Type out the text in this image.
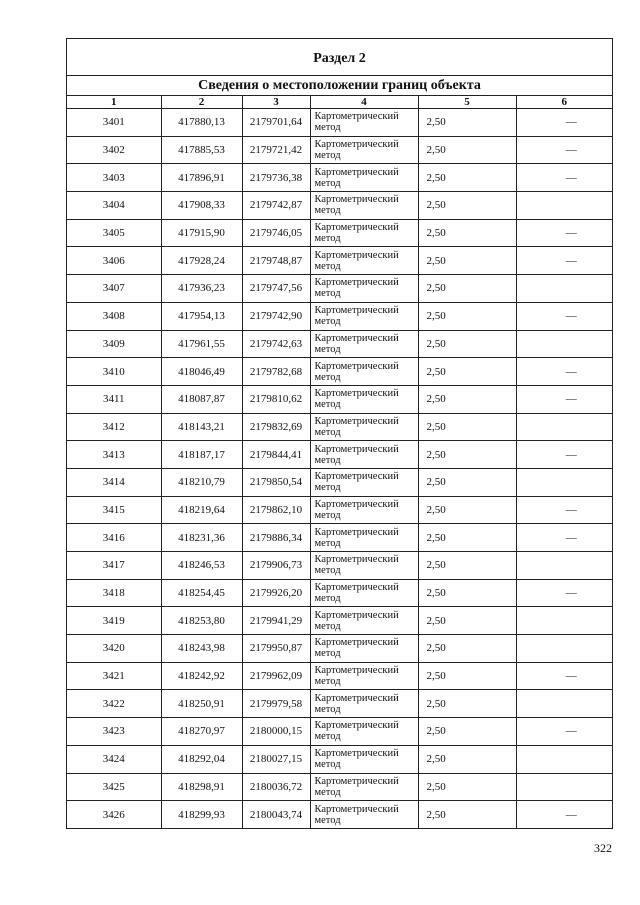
Раздел 2
Сведения о местоположении границ объекта
1	2	3	4	5	6
3401	417880,13	2179701,64	Картометрический метод	2,50	—
3402	417885,53	2179721,42	Картометрический метод	2,50	—
3403	417896,91	2179736,38	Картометрический метод	2,50	—
3404	417908,33	2179742,87	Картометрический метод	2,50	
3405	417915,90	2179746,05	Картометрический метод	2,50	—
3406	417928,24	2179748,87	Картометрический метод	2,50	—
3407	417936,23	2179747,56	Картометрический метод	2,50	
3408	417954,13	2179742,90	Картометрический метод	2,50	—
3409	417961,55	2179742,63	Картометрический метод	2,50	
3410	418046,49	2179782,68	Картометрический метод	2,50	—
3411	418087,87	2179810,62	Картометрический метод	2,50	—
3412	418143,21	2179832,69	Картометрический метод	2,50	
3413	418187,17	2179844,41	Картометрический метод	2,50	—
3414	418210,79	2179850,54	Картометрический метод	2,50	
3415	418219,64	2179862,10	Картометрический метод	2,50	—
3416	418231,36	2179886,34	Картометрический метод	2,50	—
3417	418246,53	2179906,73	Картометрический метод	2,50	
3418	418254,45	2179926,20	Картометрический метод	2,50	—
3419	418253,80	2179941,29	Картометрический метод	2,50	
3420	418243,98	2179950,87	Картометрический метод	2,50	
3421	418242,92	2179962,09	Картометрический метод	2,50	—
3422	418250,91	2179979,58	Картометрический метод	2,50	
3423	418270,97	2180000,15	Картометрический метод	2,50	—
3424	418292,04	2180027,15	Картометрический метод	2,50	
3425	418298,91	2180036,72	Картометрический метод	2,50	
3426	418299,93	2180043,74	Картометрический метод	2,50	—
322
